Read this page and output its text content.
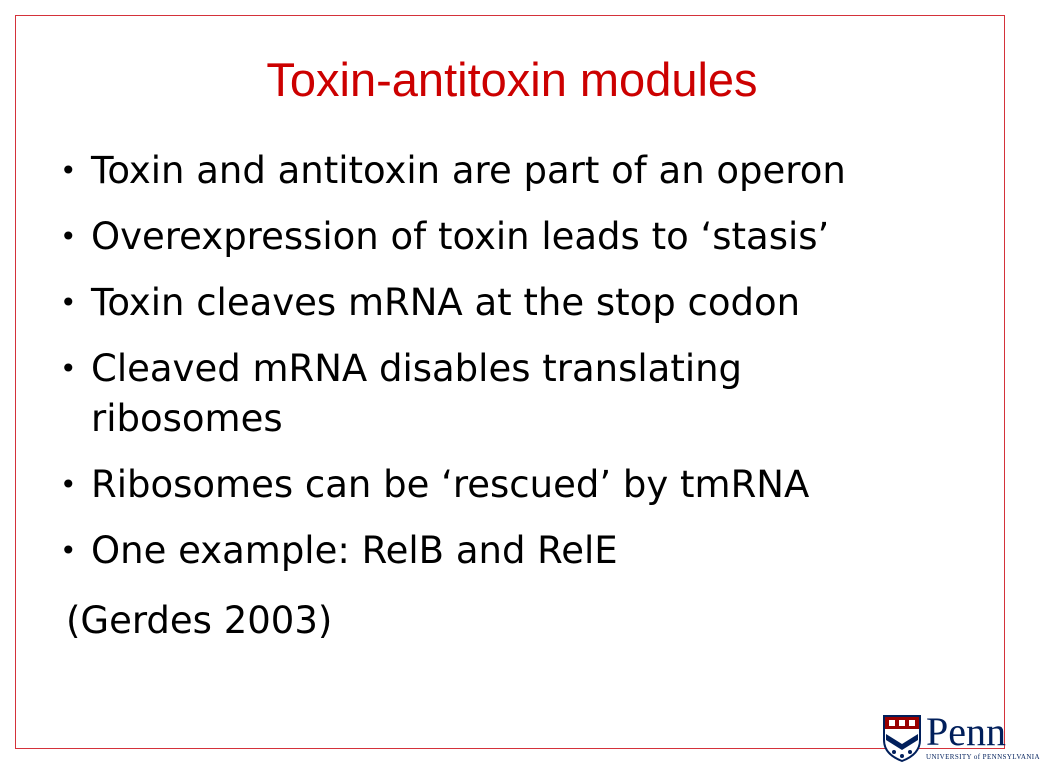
Toxin-antitoxin modules
• Toxin and antitoxin are part of an operon
• Overexpression of toxin leads to ‘stasis’
• Toxin cleaves mRNA at the stop codon
• Cleaved mRNA disables translating ribosomes
• Ribosomes can be ‘rescued’ by tmRNA
• One example: RelB and RelE
(Gerdes 2003)
Penn
UNIVERSITY of PENNSYLVANIA
